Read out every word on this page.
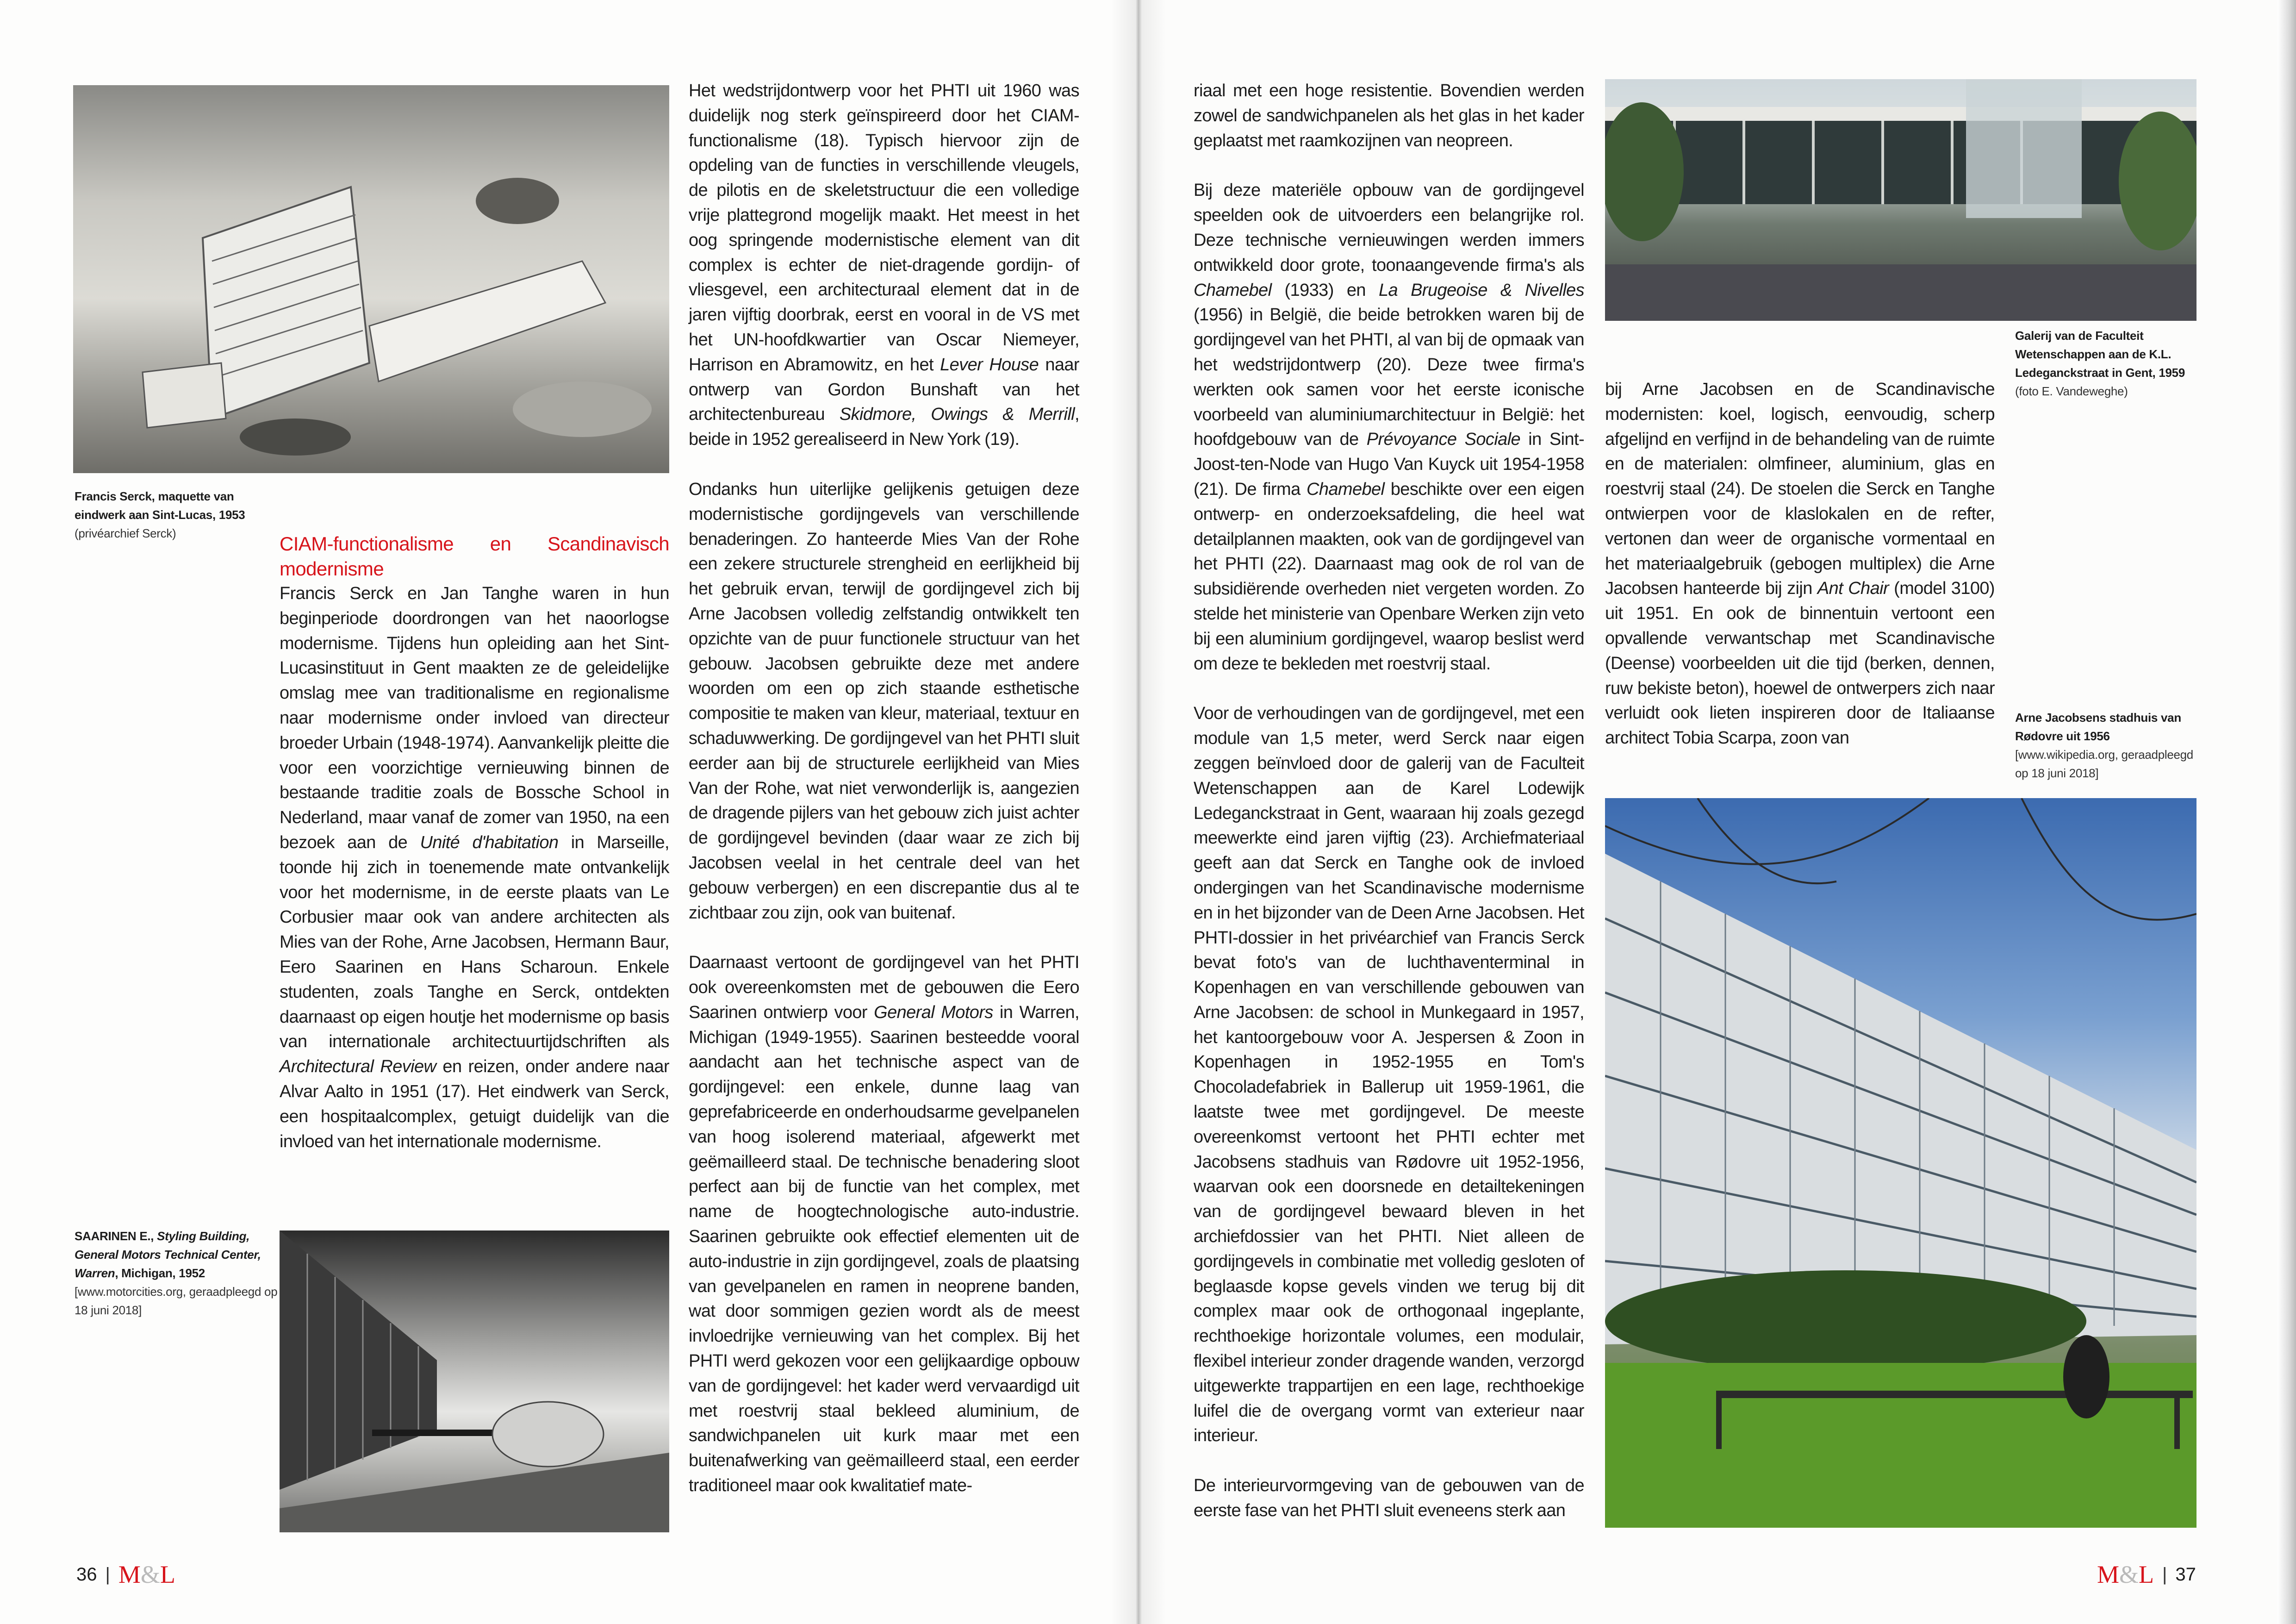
Francis Serck, maquette van eindwerk aan Sint-Lucas, 1953
(privéarchief Serck)
SAARINEN E., Styling Building, General Motors Technical Center, Warren, Michigan, 1952
[www.motorcities.org, geraadpleegd op 18 juni 2018]
CIAM-functionalisme en Scandinavisch modernisme

Francis Serck en Jan Tanghe waren in hun beginperiode doordrongen van het naoorlogse modernisme. Tijdens hun opleiding aan het Sint-Lucasinstituut in Gent maakten ze de geleidelijke omslag mee van traditionalisme en regionalisme naar modernisme onder invloed van directeur broeder Urbain (1948-1974). Aanvankelijk pleitte die voor een voorzichtige vernieuwing binnen de bestaande traditie zoals de Bossche School in Nederland, maar vanaf de zomer van 1950, na een bezoek aan de Unité d'habitation in Marseille, toonde hij zich in toenemende mate ontvankelijk voor het modernisme, in de eerste plaats van Le Corbusier maar ook van andere architecten als Mies van der Rohe, Arne Jacobsen, Hermann Baur, Eero Saarinen en Hans Scharoun. Enkele studenten, zoals Tanghe en Serck, ontdekten daarnaast op eigen houtje het modernisme op basis van internationale architectuurtijdschriften als Architectural Review en reizen, onder andere naar Alvar Aalto in 1951 (17). Het eindwerk van Serck, een hospitaalcomplex, getuigt duidelijk van die invloed van het internationale modernisme.

Het wedstrijdontwerp voor het PHTI uit 1960 was duidelijk nog sterk geïnspireerd door het CIAM-functionalisme (18). Typisch hiervoor zijn de opdeling van de functies in verschillende vleugels, de pilotis en de skeletstructuur die een volledige vrije plattegrond mogelijk maakt. Het meest in het oog springende modernistische element van dit complex is echter de niet-dragende gordijn- of vliesgevel, een architecturaal element dat in de jaren vijftig doorbrak, eerst en vooral in de VS met het UN-hoofdkwartier van Oscar Niemeyer, Harrison en Abramowitz, en het Lever House naar ontwerp van Gordon Bunshaft van het architectenbureau Skidmore, Owings & Merrill, beide in 1952 gerealiseerd in New York (19).

Ondanks hun uiterlijke gelijkenis getuigen deze modernistische gordijngevels van verschillende benaderingen. Zo hanteerde Mies Van der Rohe een zekere structurele strengheid en eerlijkheid bij het gebruik ervan, terwijl de gordijngevel zich bij Arne Jacobsen volledig zelfstandig ontwikkelt ten opzichte van de puur functionele structuur van het gebouw. Jacobsen gebruikte deze met andere woorden om een op zich staande esthetische compositie te maken van kleur, materiaal, textuur en schaduwwerking. De gordijngevel van het PHTI sluit eerder aan bij de structurele eerlijkheid van Mies Van der Rohe, wat niet verwonderlijk is, aangezien de dragende pijlers van het gebouw zich juist achter de gordijngevel bevinden (daar waar ze zich bij Jacobsen veelal in het centrale deel van het gebouw verbergen) en een discrepantie dus al te zichtbaar zou zijn, ook van buitenaf.

Daarnaast vertoont de gordijngevel van het PHTI ook overeenkomsten met de gebouwen die Eero Saarinen ontwierp voor General Motors in Warren, Michigan (1949-1955). Saarinen besteedde vooral aandacht aan het technische aspect van de gordijngevel: een enkele, dunne laag van geprefabriceerde en onderhoudsarme gevelpanelen van hoog isolerend materiaal, afgewerkt met geëmailleerd staal. De technische benadering sloot perfect aan bij de functie van het complex, met name de hoogtechnologische auto-industrie. Saarinen gebruikte ook effectief elementen uit de auto-industrie in zijn gordijngevel, zoals de plaatsing van gevelpanelen en ramen in neoprene banden, wat door sommigen gezien wordt als de meest invloedrijke vernieuwing van het complex. Bij het PHTI werd gekozen voor een gelijkaardige opbouw van de gordijngevel: het kader werd vervaardigd uit met roestvrij staal bekleed aluminium, de sandwichpanelen uit kurk maar met een buitenafwerking van geëmailleerd staal, een eerder traditioneel maar ook kwalitatief mate-

riaal met een hoge resistentie. Bovendien werden zowel de sandwichpanelen als het glas in het kader geplaatst met raamkozijnen van neopreen.

Bij deze materiële opbouw van de gordijngevel speelden ook de uitvoerders een belangrijke rol. Deze technische vernieuwingen werden immers ontwikkeld door grote, toonaangevende firma's als Chamebel (1933) en La Brugeoise & Nivelles (1956) in België, die beide betrokken waren bij de gordijngevel van het PHTI, al van bij de opmaak van het wedstrijdontwerp (20). Deze twee firma's werkten ook samen voor het eerste iconische voorbeeld van aluminiumarchitectuur in België: het hoofdgebouw van de Prévoyance Sociale in Sint-Joost-ten-Node van Hugo Van Kuyck uit 1954-1958 (21). De firma Chamebel beschikte over een eigen ontwerp- en onderzoeksafdeling, die heel wat detailplannen maakten, ook van de gordijngevel van het PHTI (22). Daarnaast mag ook de rol van de subsidiërende overheden niet vergeten worden. Zo stelde het ministerie van Openbare Werken zijn veto bij een aluminium gordijngevel, waarop beslist werd om deze te bekleden met roestvrij staal.

Voor de verhoudingen van de gordijngevel, met een module van 1,5 meter, werd Serck naar eigen zeggen beïnvloed door de galerij van de Faculteit Wetenschappen aan de Karel Lodewijk Ledeganckstraat in Gent, waaraan hij zoals gezegd meewerkte eind jaren vijftig (23). Archiefmateriaal geeft aan dat Serck en Tanghe ook de invloed ondergingen van het Scandinavische modernisme en in het bijzonder van de Deen Arne Jacobsen. Het PHTI-dossier in het privéarchief van Francis Serck bevat foto's van de luchthaventerminal in Kopenhagen en van verschillende gebouwen van Arne Jacobsen: de school in Munkegaard in 1957, het kantoorgebouw voor A. Jespersen & Zoon in Kopenhagen in 1952-1955 en Tom's Chocoladefabriek in Ballerup uit 1959-1961, die laatste twee met gordijngevel. De meeste overeenkomst vertoont het PHTI echter met Jacobsens stadhuis van Rødovre uit 1952-1956, waarvan ook een doorsnede en detailtekeningen van de gordijngevel bewaard bleven in het archiefdossier van het PHTI. Niet alleen de gordijngevels in combinatie met volledig gesloten of beglaasde kopse gevels vinden we terug bij dit complex maar ook de orthogonaal ingeplante, rechthoekige horizontale volumes, een modulair, flexibel interieur zonder dragende wanden, verzorgd uitgewerkte trappartijen en een lage, rechthoekige luifel die de overgang vormt van exterieur naar interieur.

De interieurvormgeving van de gebouwen van de eerste fase van het PHTI sluit eveneens sterk aan

Galerij van de Faculteit Wetenschappen aan de K.L. Ledeganckstraat in Gent, 1959
(foto E. Vandeweghe)

bij Arne Jacobsen en de Scandinavische modernisten: koel, logisch, eenvoudig, scherp afgelijnd en verfijnd in de behandeling van de ruimte en de materialen: olmfineer, aluminium, glas en roestvrij staal (24). De stoelen die Serck en Tanghe ontwierpen voor de klaslokalen en de refter, vertonen dan weer de organische vormentaal en het materiaalgebruik (gebogen multiplex) die Arne Jacobsen hanteerde bij zijn Ant Chair (model 3100) uit 1951. En ook de binnentuin vertoont een opvallende verwantschap met Scandinavische (Deense) voorbeelden uit die tijd (berken, dennen, ruw bekiste beton), hoewel de ontwerpers zich naar verluidt ook lieten inspireren door de Italiaanse architect Tobia Scarpa, zoon van

Arne Jacobsens stadhuis van Rødovre uit 1956
[www.wikipedia.org, geraadpleegd op 18 juni 2018]
36 | M&L	M&L | 37
